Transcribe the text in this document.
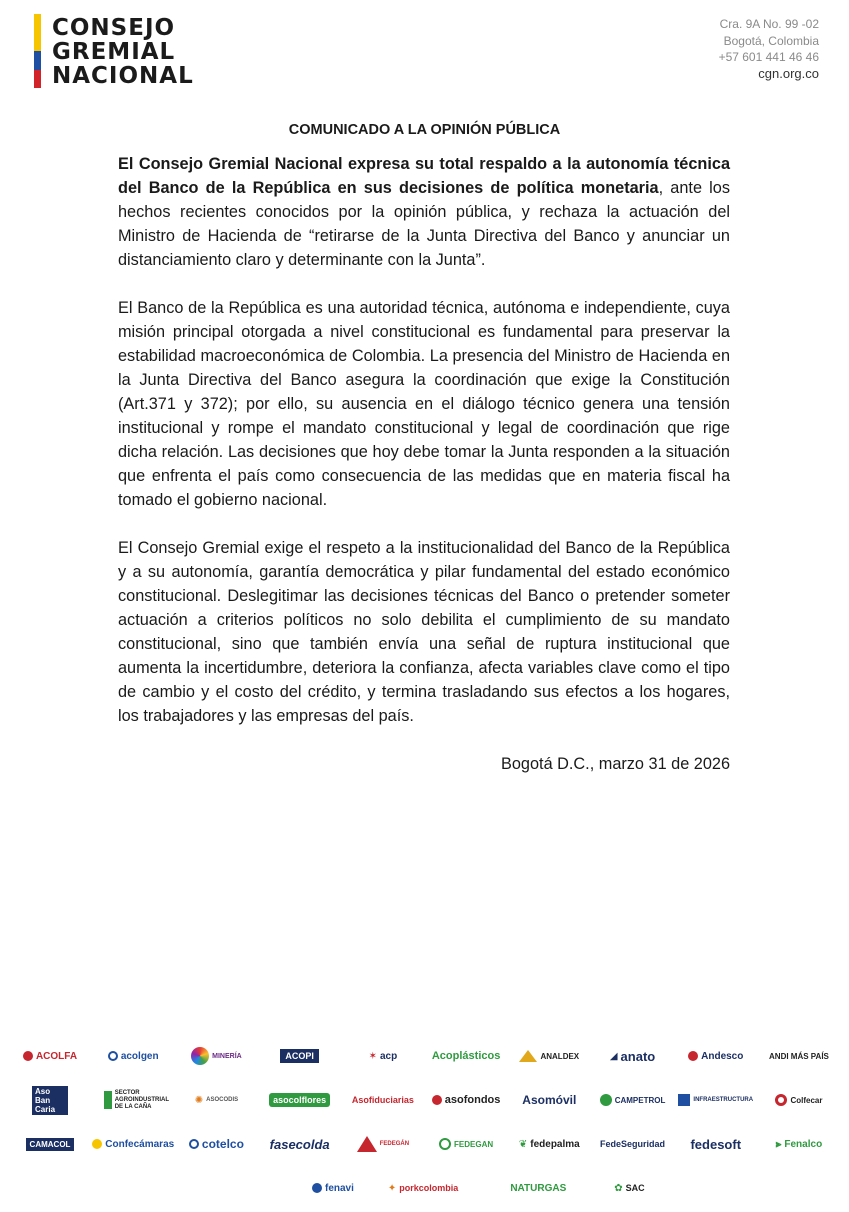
CONSEJO
GREMIAL
NACIONAL
Cra. 9A No. 99 -02
Bogotá, Colombia
+57 601 441 46 46
cgn.org.co
COMUNICADO A LA OPINIÓN PÚBLICA

El Consejo Gremial Nacional expresa su total respaldo a la autonomía técnica del Banco de la República en sus decisiones de política monetaria, ante los hechos recientes conocidos por la opinión pública, y rechaza la actuación del Ministro de Hacienda de “retirarse de la Junta Directiva del Banco y anunciar un distanciamiento claro y determinante con la Junta”.

El Banco de la República es una autoridad técnica, autónoma e independiente, cuya misión principal otorgada a nivel constitucional es fundamental para preservar la estabilidad macroeconómica de Colombia. La presencia del Ministro de Hacienda en la Junta Directiva del Banco asegura la coordinación que exige la Constitución (Art.371 y 372); por ello, su ausencia en el diálogo técnico genera una tensión institucional y rompe el mandato constitucional y legal de coordinación que rige dicha relación. Las decisiones que hoy debe tomar la Junta responden a la situación que enfrenta el país como consecuencia de las medidas que en materia fiscal ha tomado el gobierno nacional.

El Consejo Gremial exige el respeto a la institucionalidad del Banco de la República y a su autonomía, garantía democrática y pilar fundamental del estado económico constitucional. Deslegitimar las decisiones técnicas del Banco o pretender someter actuación a criterios políticos no solo debilita el cumplimiento de su mandato constitucional, sino que también envía una señal de ruptura institucional que aumenta la incertidumbre, deteriora la confianza, afecta variables clave como el tipo de cambio y el costo del crédito, y termina trasladando sus efectos a los hogares, los trabajadores y las empresas del país.

Bogotá D.C., marzo 31 de 2026

ACOLFA	acolgen	MINERÍA	ACOPI	✶ acp	Acoplásticos	ANALDEX	◢ anato	Andesco	ANDI MÁS PAÍS
Aso Ban Caria
SECTOR AGROINDUSTRIAL DE LA CAÑA
✺ ASOCODIS	asocolflores	Asofiduciarias	asofondos Asomóvil	CAMPETROL	INFRAESTRUCTURA	Colfecar
CAMACOL	Confecámaras cotelco fasecolda	FEDEGÁN	FEDEGAN	❦ fedepalma FedeSeguridad fedesoft	⫸ Fenalco
fenavi	✦ porkcolombia	NATURGAS	✿ SAC
